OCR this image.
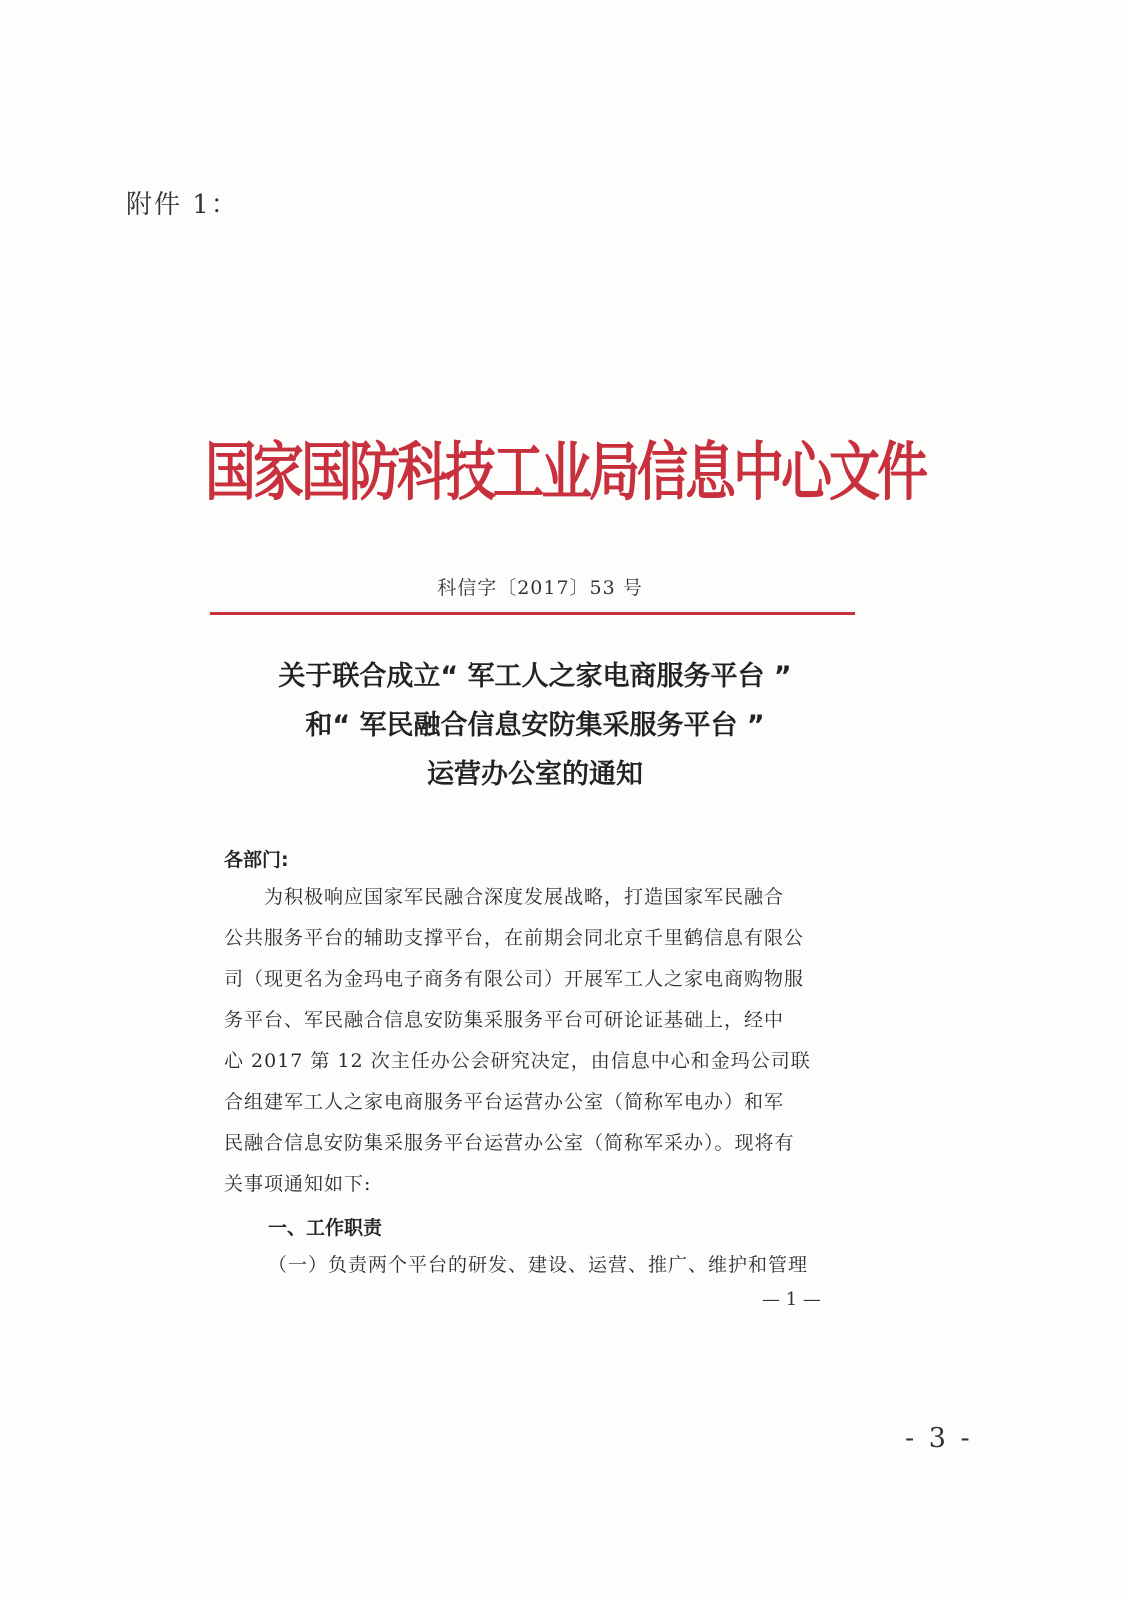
附件 1：
国家国防科技工业局信息中心文件
科信字〔2017〕53 号
关于联合成立“ 军工人之家电商服务平台 ”
和“ 军民融合信息安防集采服务平台 ”
运营办公室的通知
各部门:
　　为积极响应国家军民融合深度发展战略，打造国家军民融合
公共服务平台的辅助支撑平台，在前期会同北京千里鹤信息有限公
司（现更名为金玛电子商务有限公司）开展军工人之家电商购物服
务平台、军民融合信息安防集采服务平台可研论证基础上，经中
心 2017 第 12 次主任办公会研究决定，由信息中心和金玛公司联
合组建军工人之家电商服务平台运营办公室（简称军电办）和军
民融合信息安防集采服务平台运营办公室（简称军采办）。现将有
关事项通知如下:
一、工作职责
（一）负责两个平台的研发、建设、运营、推广、维护和管理
— 1 —
- 3 -
